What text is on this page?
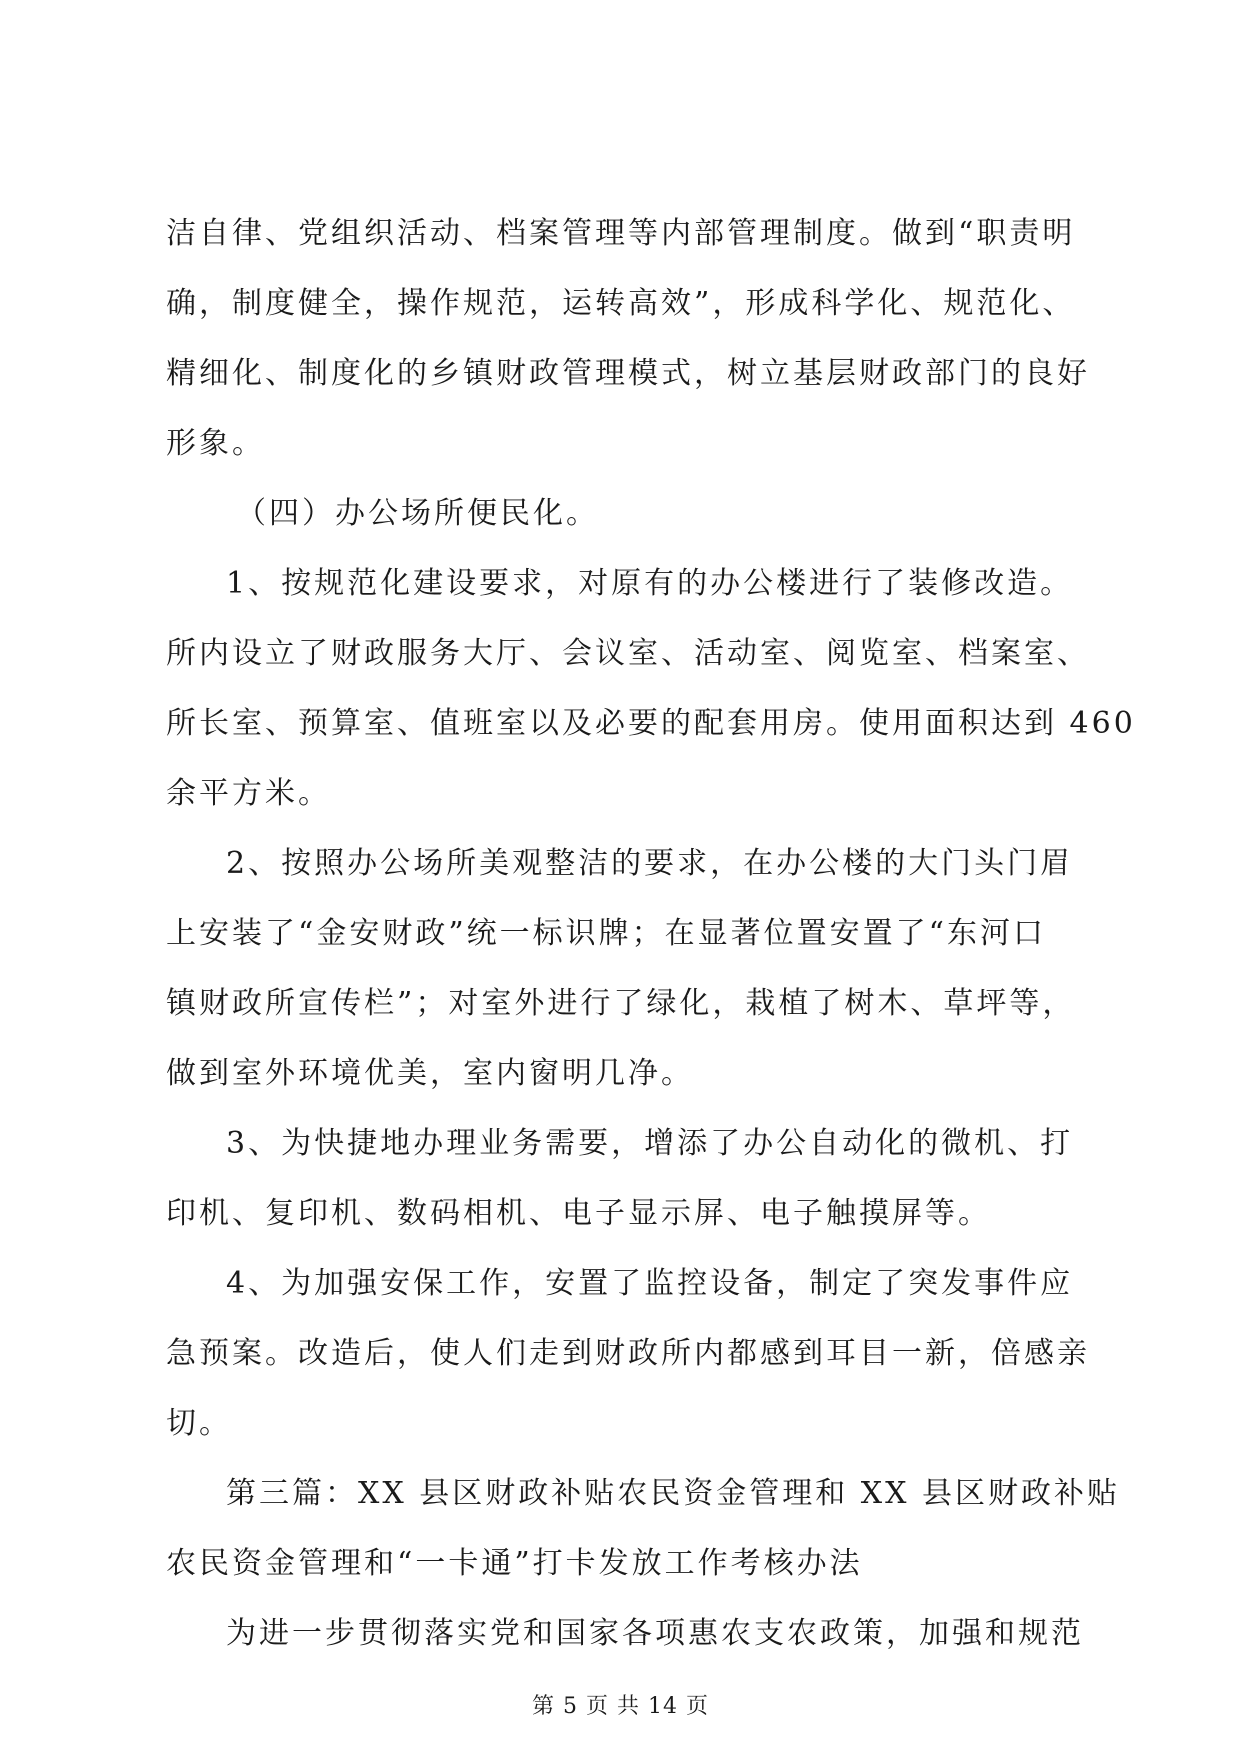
洁自律、党组织活动、档案管理等内部管理制度。做到“职责明
确，制度健全，操作规范，运转高效”，形成科学化、规范化、
精细化、制度化的乡镇财政管理模式，树立基层财政部门的良好
形象。
（四）办公场所便民化。
1、按规范化建设要求，对原有的办公楼进行了装修改造。
所内设立了财政服务大厅、会议室、活动室、阅览室、档案室、
所长室、预算室、值班室以及必要的配套用房。使用面积达到 460
余平方米。
2、按照办公场所美观整洁的要求，在办公楼的大门头门眉
上安装了“金安财政”统一标识牌；在显著位置安置了“东河口
镇财政所宣传栏”；对室外进行了绿化，栽植了树木、草坪等，
做到室外环境优美，室内窗明几净。
3、为快捷地办理业务需要，增添了办公自动化的微机、打
印机、复印机、数码相机、电子显示屏、电子触摸屏等。
4、为加强安保工作，安置了监控设备，制定了突发事件应
急预案。改造后，使人们走到财政所内都感到耳目一新，倍感亲
切。
第三篇：XX 县区财政补贴农民资金管理和 XX 县区财政补贴
农民资金管理和“一卡通”打卡发放工作考核办法
为进一步贯彻落实党和国家各项惠农支农政策，加强和规范
第 5 页 共 14 页
